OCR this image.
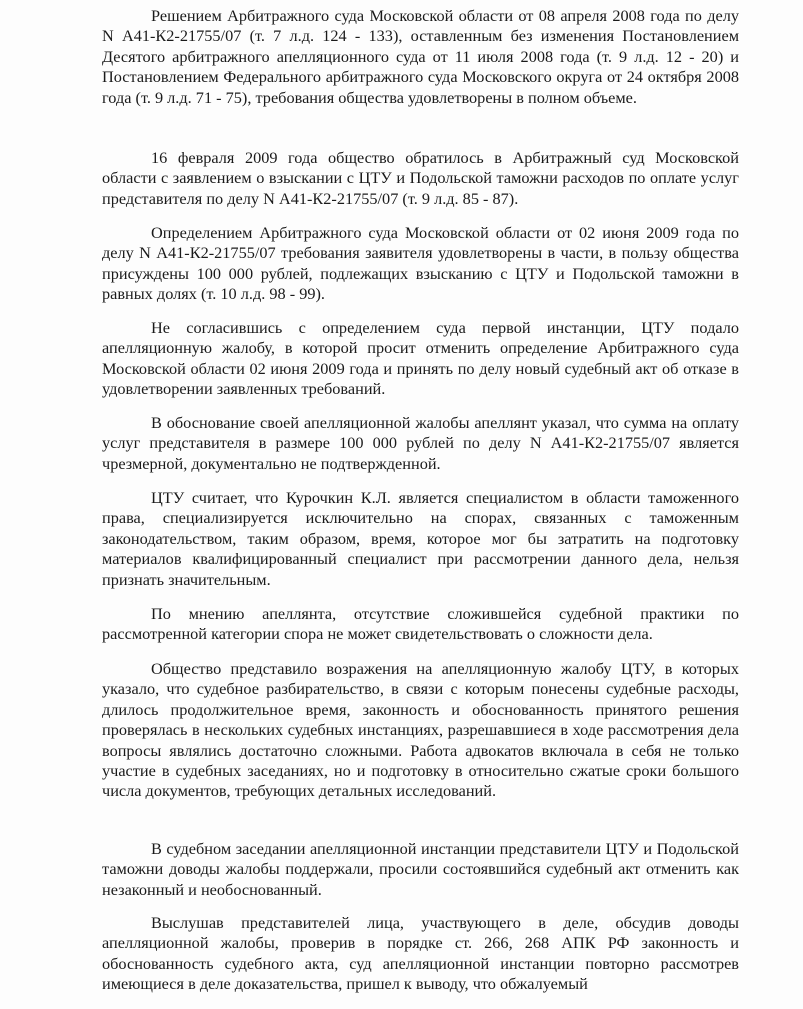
Решением Арбитражного суда Московской области от 08 апреля 2008 года по делу N А41-К2-21755/07 (т. 7 л.д. 124 - 133), оставленным без изменения Постановлением Десятого арбитражного апелляционного суда от 11 июля 2008 года (т. 9 л.д. 12 - 20) и Постановлением Федерального арбитражного суда Московского округа от 24 октября 2008 года (т. 9 л.д. 71 - 75), требования общества удовлетворены в полном объеме.

16 февраля 2009 года общество обратилось в Арбитражный суд Московской области с заявлением о взыскании с ЦТУ и Подольской таможни расходов по оплате услуг представителя по делу N А41-К2-21755/07 (т. 9 л.д. 85 - 87).

Определением Арбитражного суда Московской области от 02 июня 2009 года по делу N А41-К2-21755/07 требования заявителя удовлетворены в части, в пользу общества присуждены 100 000 рублей, подлежащих взысканию с ЦТУ и Подольской таможни в равных долях (т. 10 л.д. 98 - 99).

Не согласившись с определением суда первой инстанции, ЦТУ подало апелляционную жалобу, в которой просит отменить определение Арбитражного суда Московской области 02 июня 2009 года и принять по делу новый судебный акт об отказе в удовлетворении заявленных требований.

В обоснование своей апелляционной жалобы апеллянт указал, что сумма на оплату услуг представителя в размере 100 000 рублей по делу N А41-К2-21755/07 является чрезмерной, документально не подтвержденной.

ЦТУ считает, что Курочкин К.Л. является специалистом в области таможенного права, специализируется исключительно на спорах, связанных с таможенным законодательством, таким образом, время, которое мог бы затратить на подготовку материалов квалифицированный специалист при рассмотрении данного дела, нельзя признать значительным.

По мнению апеллянта, отсутствие сложившейся судебной практики по рассмотренной категории спора не может свидетельствовать о сложности дела.

Общество представило возражения на апелляционную жалобу ЦТУ, в которых указало, что судебное разбирательство, в связи с которым понесены судебные расходы, длилось продолжительное время, законность и обоснованность принятого решения проверялась в нескольких судебных инстанциях, разрешавшиеся в ходе рассмотрения дела вопросы являлись достаточно сложными. Работа адвокатов включала в себя не только участие в судебных заседаниях, но и подготовку в относительно сжатые сроки большого числа документов, требующих детальных исследований.

В судебном заседании апелляционной инстанции представители ЦТУ и Подольской таможни доводы жалобы поддержали, просили состоявшийся судебный акт отменить как незаконный и необоснованный.

Выслушав представителей лица, участвующего в деле, обсудив доводы апелляционной жалобы, проверив в порядке ст. 266, 268 АПК РФ законность и обоснованность судебного акта, суд апелляционной инстанции повторно рассмотрев имеющиеся в деле доказательства, пришел к выводу, что обжалуемый
